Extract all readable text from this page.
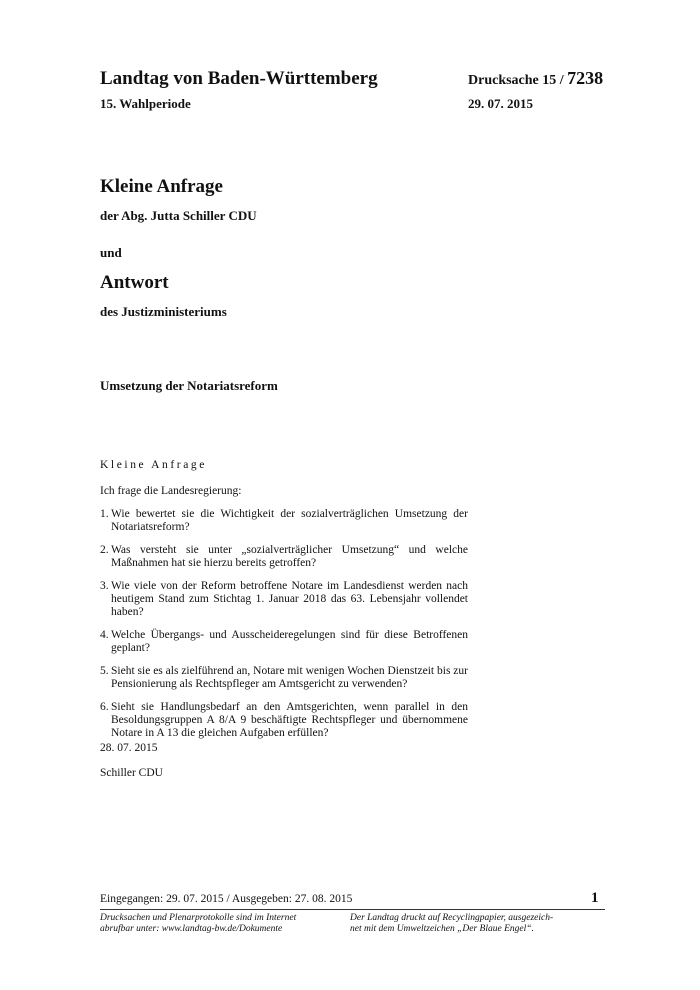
Landtag von Baden-Württemberg
15. Wahlperiode
Drucksache 15 / 7238
29. 07. 2015
Kleine Anfrage
der Abg. Jutta Schiller CDU
und
Antwort
des Justizministeriums
Umsetzung der Notariatsreform
Kleine Anfrage
Ich frage die Landesregierung:
1. Wie bewertet sie die Wichtigkeit der sozialverträglichen Umsetzung der Notariatsreform?
2. Was versteht sie unter „sozialverträglicher Umsetzung“ und welche Maßnahmen hat sie hierzu bereits getroffen?
3. Wie viele von der Reform betroffene Notare im Landesdienst werden nach heutigem Stand zum Stichtag 1. Januar 2018 das 63. Lebensjahr vollendet haben?
4. Welche Übergangs- und Ausscheideregelungen sind für diese Betroffenen geplant?
5. Sieht sie es als zielführend an, Notare mit wenigen Wochen Dienstzeit bis zur Pensionierung als Rechtspfleger am Amtsgericht zu verwenden?
6. Sieht sie Handlungsbedarf an den Amtsgerichten, wenn parallel in den Besoldungsgruppen A 8/A 9 beschäftigte Rechtspfleger und übernommene Notare in A 13 die gleichen Aufgaben erfüllen?
28. 07. 2015
Schiller CDU
Eingegangen: 29. 07. 2015 / Ausgegeben: 27. 08. 2015	1
Drucksachen und Plenarprotokolle sind im Internet
abrufbar unter: www.landtag-bw.de/Dokumente
Der Landtag druckt auf Recyclingpapier, ausgezeich-
net mit dem Umweltzeichen „Der Blaue Engel“.
